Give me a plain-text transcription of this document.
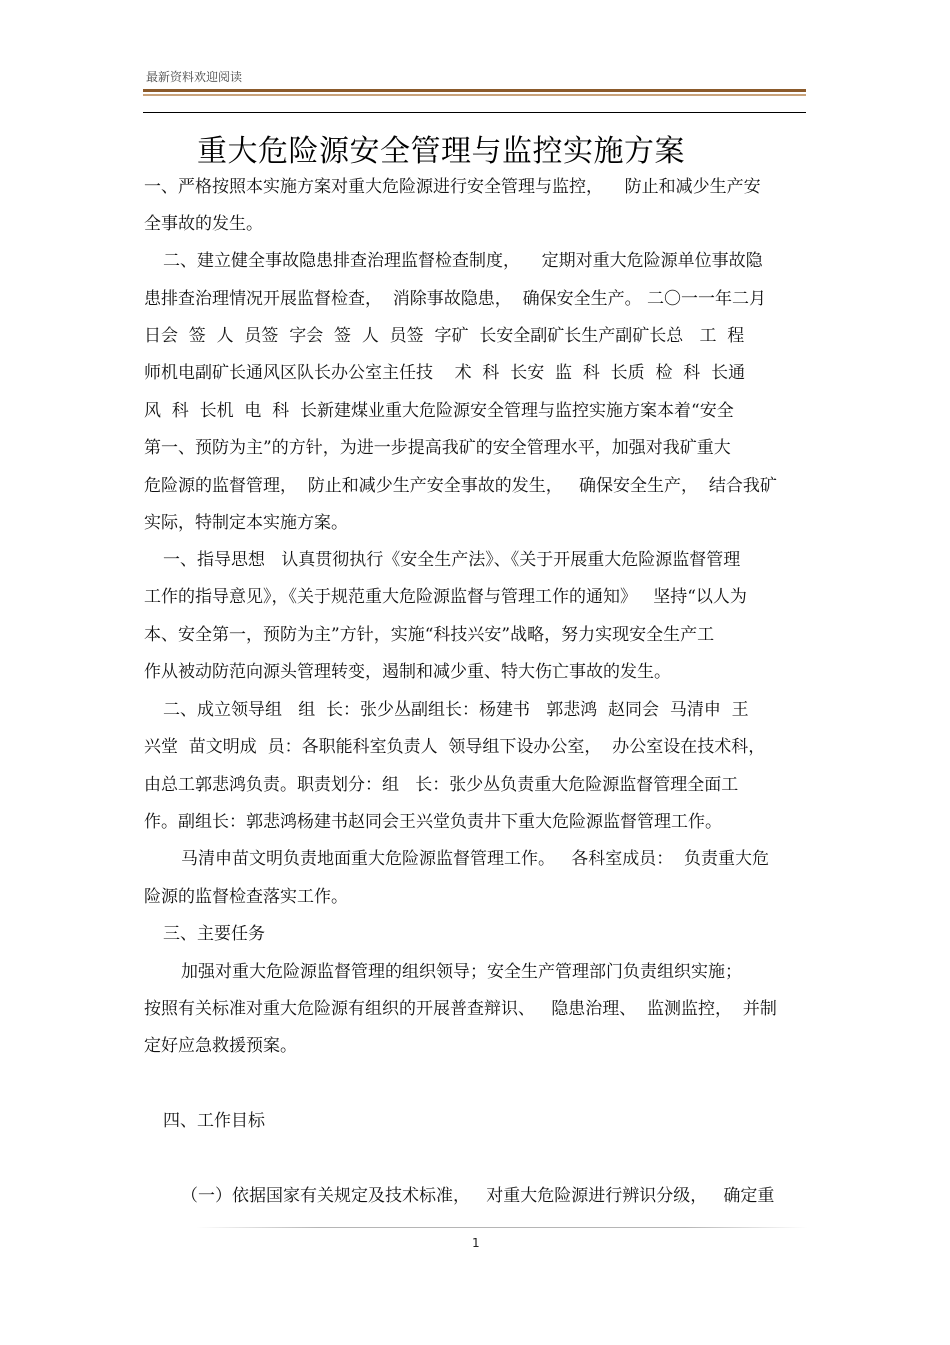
最新资料欢迎阅读
重大危险源安全管理与监控实施方案
一、严格按照本实施方案对重大危险源进行安全管理与监控，    防止和减少生产安
全事故的发生。
二、建立健全事故隐患排查治理监督检查制度，    定期对重大危险源单位事故隐
患排查治理情况开展监督检查，  消除事故隐患，  确保安全生产。 二〇一一年二月
日会  签  人  员签  字会  签  人  员签  字矿  长安全副矿长生产副矿长总   工  程
师机电副矿长通风区队长办公室主任技    术  科  长安  监  科  长质  检  科  长通
风  科  长机  电  科  长新建煤业重大危险源安全管理与监控实施方案本着“安全
第一、预防为主”的方针，为进一步提高我矿的安全管理水平，加强对我矿重大
危险源的监督管理，  防止和减少生产安全事故的发生，   确保安全生产，  结合我矿
实际，特制定本实施方案。
一、指导思想   认真贯彻执行《安全生产法》、《关于开展重大危险源监督管理
工作的指导意见》，《关于规范重大危险源监督与管理工作的通知》   坚持“以人为
本、安全第一，预防为主”方针，实施“科技兴安”战略，努力实现安全生产工
作从被动防范向源头管理转变，遏制和减少重、特大伤亡事故的发生。
二、成立领导组   组  长：张少丛副组长：杨建书   郭悲鸿  赵同会  马清申  王
兴堂  苗文明成  员：各职能科室负责人  领导组下设办公室，  办公室设在技术科，
由总工郭悲鸿负责。职责划分：组   长：张少丛负责重大危险源监督管理全面工
作。副组长：郭悲鸿杨建书赵同会王兴堂负责井下重大危险源监督管理工作。
马清申苗文明负责地面重大危险源监督管理工作。   各科室成员：  负责重大危
险源的监督检查落实工作。
三、主要任务
加强对重大危险源监督管理的组织领导；安全生产管理部门负责组织实施；
按照有关标准对重大危险源有组织的开展普查辩识、   隐患治理、  监测监控，  并制
定好应急救援预案。
四、工作目标
（一）依据国家有关规定及技术标准，   对重大危险源进行辨识分级，   确定重
1
